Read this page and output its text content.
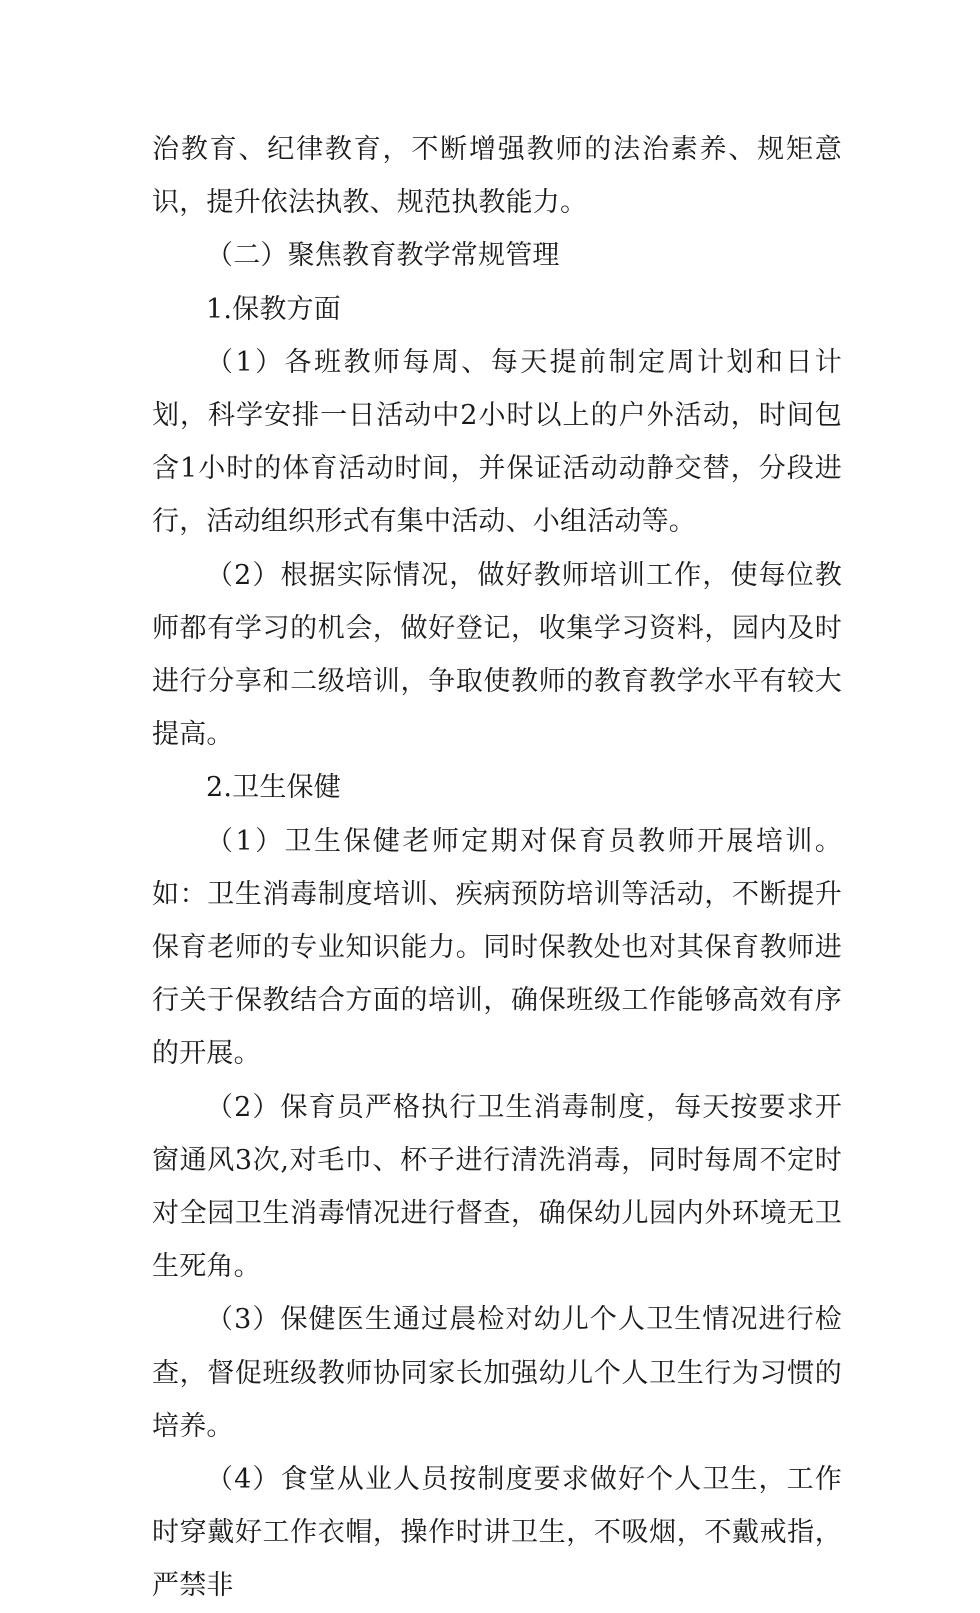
治教育、纪律教育，不断增强教师的法治素养、规矩意识，提升依法执教、规范执教能力。

（二）聚焦教育教学常规管理

1.保教方面

（1）各班教师每周、每天提前制定周计划和日计划，科学安排一日活动中2小时以上的户外活动，时间包含1小时的体育活动时间，并保证活动动静交替，分段进行，活动组织形式有集中活动、小组活动等。

（2）根据实际情况，做好教师培训工作，使每位教师都有学习的机会，做好登记，收集学习资料，园内及时进行分享和二级培训，争取使教师的教育教学水平有较大提高。

2.卫生保健

（1）卫生保健老师定期对保育员教师开展培训。如：卫生消毒制度培训、疾病预防培训等活动，不断提升保育老师的专业知识能力。同时保教处也对其保育教师进行关于保教结合方面的培训，确保班级工作能够高效有序的开展。

（2）保育员严格执行卫生消毒制度，每天按要求开窗通风3次,对毛巾、杯子进行清洗消毒，同时每周不定时对全园卫生消毒情况进行督查，确保幼儿园内外环境无卫生死角。

（3）保健医生通过晨检对幼儿个人卫生情况进行检查，督促班级教师协同家长加强幼儿个人卫生行为习惯的培养。

（4）食堂从业人员按制度要求做好个人卫生，工作时穿戴好工作衣帽，操作时讲卫生，不吸烟，不戴戒指，严禁非
